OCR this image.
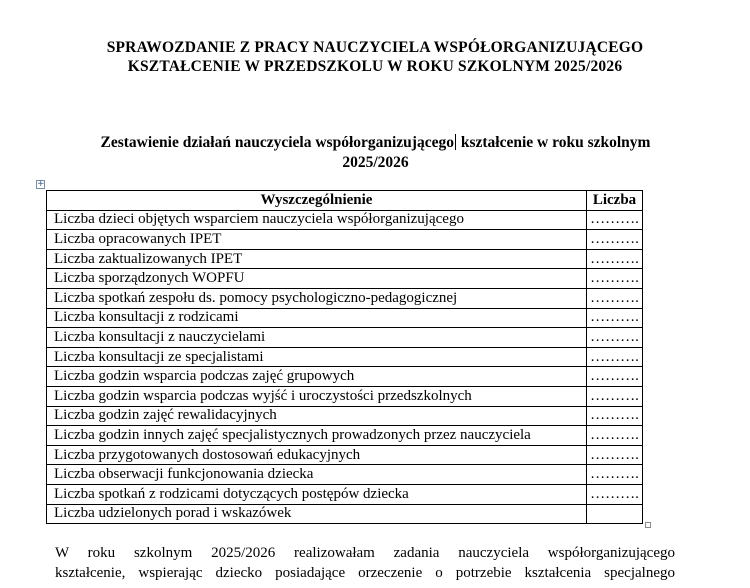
SPRAWOZDANIE Z PRACY NAUCZYCIELA WSPÓŁORGANIZUJĄCEGO
KSZTAŁCENIE W PRZEDSZKOLU W ROKU SZKOLNYM 2025/2026
Zestawienie działań nauczyciela współorganizującego kształcenie w roku szkolnym
2025/2026
+
Wyszczególnienie	Liczba
Liczba dzieci objętych wsparciem nauczyciela współorganizującego	……….
Liczba opracowanych IPET	……….
Liczba zaktualizowanych IPET	……….
Liczba sporządzonych WOPFU	……….
Liczba spotkań zespołu ds. pomocy psychologiczno-pedagogicznej	……….
Liczba konsultacji z rodzicami	……….
Liczba konsultacji z nauczycielami	……….
Liczba konsultacji ze specjalistami	……….
Liczba godzin wsparcia podczas zajęć grupowych	……….
Liczba godzin wsparcia podczas wyjść i uroczystości przedszkolnych	……….
Liczba godzin zajęć rewalidacyjnych	……….
Liczba godzin innych zajęć specjalistycznych prowadzonych przez nauczyciela	……….
Liczba przygotowanych dostosowań edukacyjnych	……….
Liczba obserwacji funkcjonowania dziecka	……….
Liczba spotkań z rodzicami dotyczących postępów dziecka	……….
Liczba udzielonych porad i wskazówek	
W roku szkolnym 2025/2026 realizowałam zadania nauczyciela współorganizującego
kształcenie, wspierając dziecko posiadające orzeczenie o potrzebie kształcenia specjalnego
